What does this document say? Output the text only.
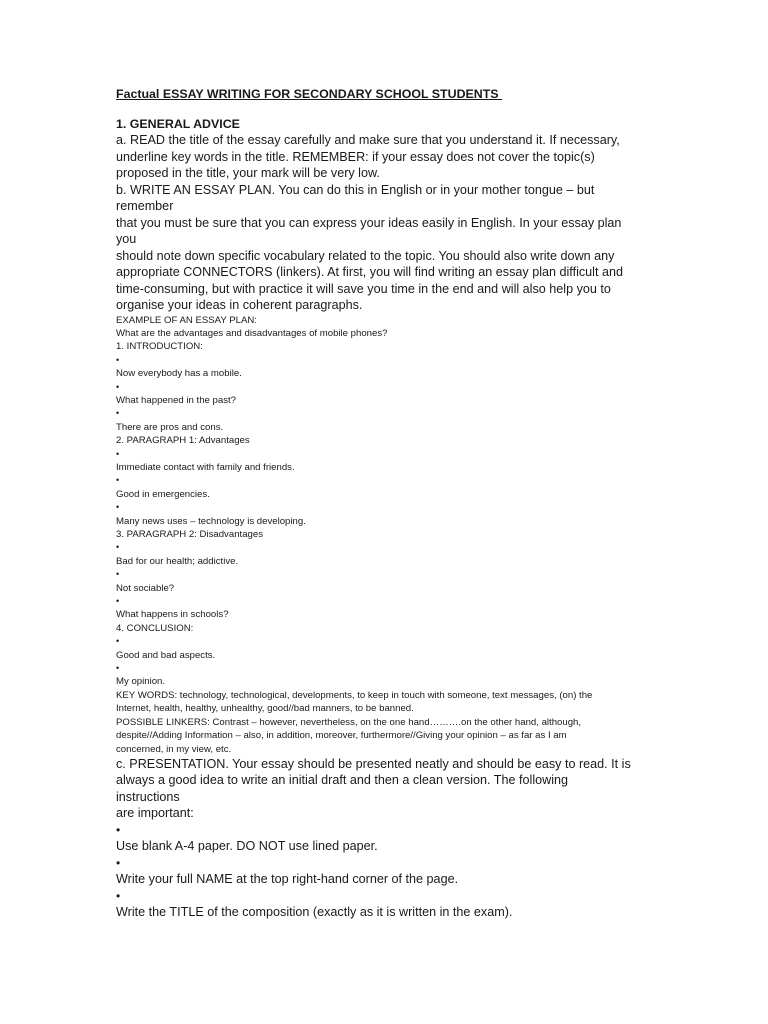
Factual ESSAY WRITING FOR SECONDARY SCHOOL STUDENTS

1. GENERAL ADVICE

a. READ the title of the essay carefully and make sure that you understand it. If necessary,

underline key words in the title. REMEMBER: if your essay does not cover the topic(s)

proposed in the title, your mark will be very low.

b. WRITE AN ESSAY PLAN. You can do this in English or in your mother tongue – but

remember

that you must be sure that you can express your ideas easily in English. In your essay plan

you

should note down specific vocabulary related to the topic. You should also write down any

appropriate CONNECTORS (linkers). At first, you will find writing an essay plan difficult and

time-consuming, but with practice it will save you time in the end and will also help you to

organise your ideas in coherent paragraphs.

EXAMPLE OF AN ESSAY PLAN:

What are the advantages and disadvantages of mobile phones?

1. INTRODUCTION:

•

Now everybody has a mobile.

•

What happened in the past?

•

There are pros and cons.

2. PARAGRAPH 1: Advantages

•

Immediate contact with family and friends.

•

Good in emergencies.

•

Many news uses – technology is developing.

3. PARAGRAPH 2: Disadvantages

•

Bad for our health; addictive.

•

Not sociable?

•

What happens in schools?

4. CONCLUSION:

•

Good and bad aspects.

•

My opinion.

KEY WORDS: technology, technological, developments, to keep in touch with someone, text messages, (on) the

Internet, health, healthy, unhealthy, good//bad manners, to be banned.

POSSIBLE LINKERS: Contrast – however, nevertheless, on the one hand……….on the other hand, although,

despite//Adding Information – also, in addition, moreover, furthermore//Giving your opinion – as far as I am

concerned, in my view, etc.

c. PRESENTATION. Your essay should be presented neatly and should be easy to read. It is

always a good idea to write an initial draft and then a clean version. The following

instructions

are important:

•

Use blank A-4 paper. DO NOT use lined paper.

•

Write your full NAME at the top right-hand corner of the page.

•

Write the TITLE of the composition (exactly as it is written in the exam).
